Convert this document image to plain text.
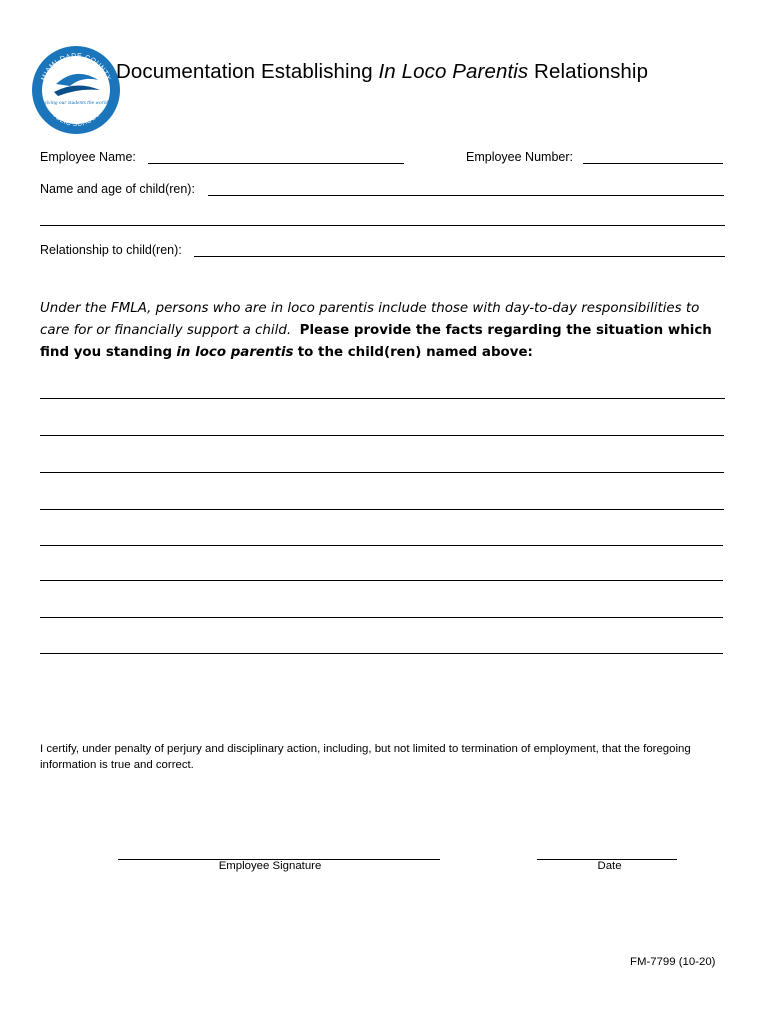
MIAMI-DADE COUNTY
PUBLIC SCHOOLS
giving our students the world
Documentation Establishing In Loco Parentis Relationship
Employee Name:	Employee Number:
Name and age of child(ren):
Relationship to child(ren):
Under the FMLA, persons who are in loco parentis include those with day-to-day responsibilities to care for or financially support a child. Please provide the facts regarding the situation which find you standing in loco parentis to the child(ren) named above:
I certify, under penalty of perjury and disciplinary action, including, but not limited to termination of employment, that the foregoing information is true and correct.
Employee Signature	Date
FM-7799 (10-20)
